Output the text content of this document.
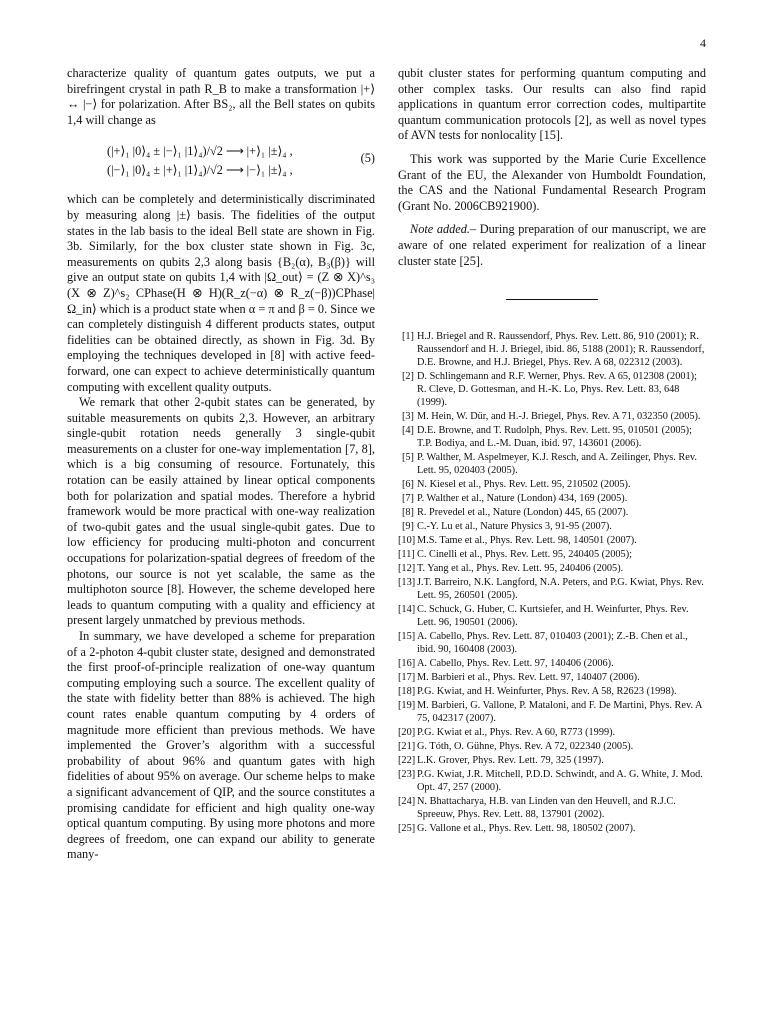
4

characterize quality of quantum gates outputs, we put a birefringent crystal in path R_B to make a transformation |+⟩ ↔ |−⟩ for polarization. After BS₂, all the Bell states on qubits 1,4 will change as

(|+⟩₁ |0⟩₄ ± |−⟩₁ |1⟩₄)/√2 ⟶ |+⟩₁ |±⟩₄ ,
(|−⟩₁ |0⟩₄ ± |+⟩₁ |1⟩₄)/√2 ⟶ |−⟩₁ |±⟩₄ ,
(5)

which can be completely and deterministically discriminated by measuring along |±⟩ basis. The fidelities of the output states in the lab basis to the ideal Bell state are shown in Fig. 3b. Similarly, for the box cluster state shown in Fig. 3c, measurements on qubits 2,3 along basis {B₂(α), B₃(β)} will give an output state on qubits 1,4 with |Ω_out⟩ = (Z ⊗ X)^s₃ (X ⊗ Z)^s₂ CPhase(H ⊗ H)(R_z(−α) ⊗ R_z(−β))CPhase|Ω_in⟩ which is a product state when α = π and β = 0. Since we can completely distinguish 4 different products states, output fidelities can be obtained directly, as shown in Fig. 3d. By employing the techniques developed in [8] with active feed-forward, one can expect to achieve deterministically quantum computing with excellent quality outputs.

We remark that other 2-qubit states can be generated, by suitable measurements on qubits 2,3. However, an arbitrary single-qubit rotation needs generally 3 single-qubit measurements on a cluster for one-way implementation [7, 8], which is a big consuming of resource. Fortunately, this rotation can be easily attained by linear optical components both for polarization and spatial modes. Therefore a hybrid framework would be more practical with one-way realization of two-qubit gates and the usual single-qubit gates. Due to low efficiency for producing multi-photon and concurrent occupations for polarization-spatial degrees of freedom of the photons, our source is not yet scalable, the same as the multiphoton source [8]. However, the scheme developed here leads to quantum computing with a quality and efficiency at present largely unmatched by previous methods.

In summary, we have developed a scheme for preparation of a 2-photon 4-qubit cluster state, designed and demonstrated the first proof-of-principle realization of one-way quantum computing employing such a source. The excellent quality of the state with fidelity better than 88% is achieved. The high count rates enable quantum computing by 4 orders of magnitude more efficient than previous methods. We have implemented the Grover’s algorithm with a successful probability of about 96% and quantum gates with high fidelities of about 95% on average. Our scheme helps to make a significant advancement of QIP, and the source constitutes a promising candidate for efficient and high quality one-way optical quantum computing. By using more photons and more degrees of freedom, one can expand our ability to generate many-

qubit cluster states for performing quantum computing and other complex tasks. Our results can also find rapid applications in quantum error correction codes, multipartite quantum communication protocols [2], as well as novel types of AVN tests for nonlocality [15].

This work was supported by the Marie Curie Excellence Grant of the EU, the Alexander von Humboldt Foundation, the CAS and the National Fundamental Research Program (Grant No. 2006CB921900).

Note added.– During preparation of our manuscript, we are aware of one related experiment for realization of a linear cluster state [25].

[1] H.J. Briegel and R. Raussendorf, Phys. Rev. Lett. 86, 910 (2001); R. Raussendorf and H. J. Briegel, ibid. 86, 5188 (2001); R. Raussendorf, D.E. Browne, and H.J. Briegel, Phys. Rev. A 68, 022312 (2003).
[2] D. Schlingemann and R.F. Werner, Phys. Rev. A 65, 012308 (2001); R. Cleve, D. Gottesman, and H.-K. Lo, Phys. Rev. Lett. 83, 648 (1999).
[3] M. Hein, W. Dür, and H.-J. Briegel, Phys. Rev. A 71, 032350 (2005).
[4] D.E. Browne, and T. Rudolph, Phys. Rev. Lett. 95, 010501 (2005); T.P. Bodiya, and L.-M. Duan, ibid. 97, 143601 (2006).
[5] P. Walther, M. Aspelmeyer, K.J. Resch, and A. Zeilinger, Phys. Rev. Lett. 95, 020403 (2005).
[6] N. Kiesel et al., Phys. Rev. Lett. 95, 210502 (2005).
[7] P. Walther et al., Nature (London) 434, 169 (2005).
[8] R. Prevedel et al., Nature (London) 445, 65 (2007).
[9] C.-Y. Lu et al., Nature Physics 3, 91-95 (2007).
[10] M.S. Tame et al., Phys. Rev. Lett. 98, 140501 (2007).
[11] C. Cinelli et al., Phys. Rev. Lett. 95, 240405 (2005);
[12] T. Yang et al., Phys. Rev. Lett. 95, 240406 (2005).
[13] J.T. Barreiro, N.K. Langford, N.A. Peters, and P.G. Kwiat, Phys. Rev. Lett. 95, 260501 (2005).
[14] C. Schuck, G. Huber, C. Kurtsiefer, and H. Weinfurter, Phys. Rev. Lett. 96, 190501 (2006).
[15] A. Cabello, Phys. Rev. Lett. 87, 010403 (2001); Z.-B. Chen et al., ibid. 90, 160408 (2003).
[16] A. Cabello, Phys. Rev. Lett. 97, 140406 (2006).
[17] M. Barbieri et al., Phys. Rev. Lett. 97, 140407 (2006).
[18] P.G. Kwiat, and H. Weinfurter, Phys. Rev. A 58, R2623 (1998).
[19] M. Barbieri, G. Vallone, P. Mataloni, and F. De Martini, Phys. Rev. A 75, 042317 (2007).
[20] P.G. Kwiat et al., Phys. Rev. A 60, R773 (1999).
[21] G. Tóth, O. Gühne, Phys. Rev. A 72, 022340 (2005).
[22] L.K. Grover, Phys. Rev. Lett. 79, 325 (1997).
[23] P.G. Kwiat, J.R. Mitchell, P.D.D. Schwindt, and A. G. White, J. Mod. Opt. 47, 257 (2000).
[24] N. Bhattacharya, H.B. van Linden van den Heuvell, and R.J.C. Spreeuw, Phys. Rev. Lett. 88, 137901 (2002).
[25] G. Vallone et al., Phys. Rev. Lett. 98, 180502 (2007).
